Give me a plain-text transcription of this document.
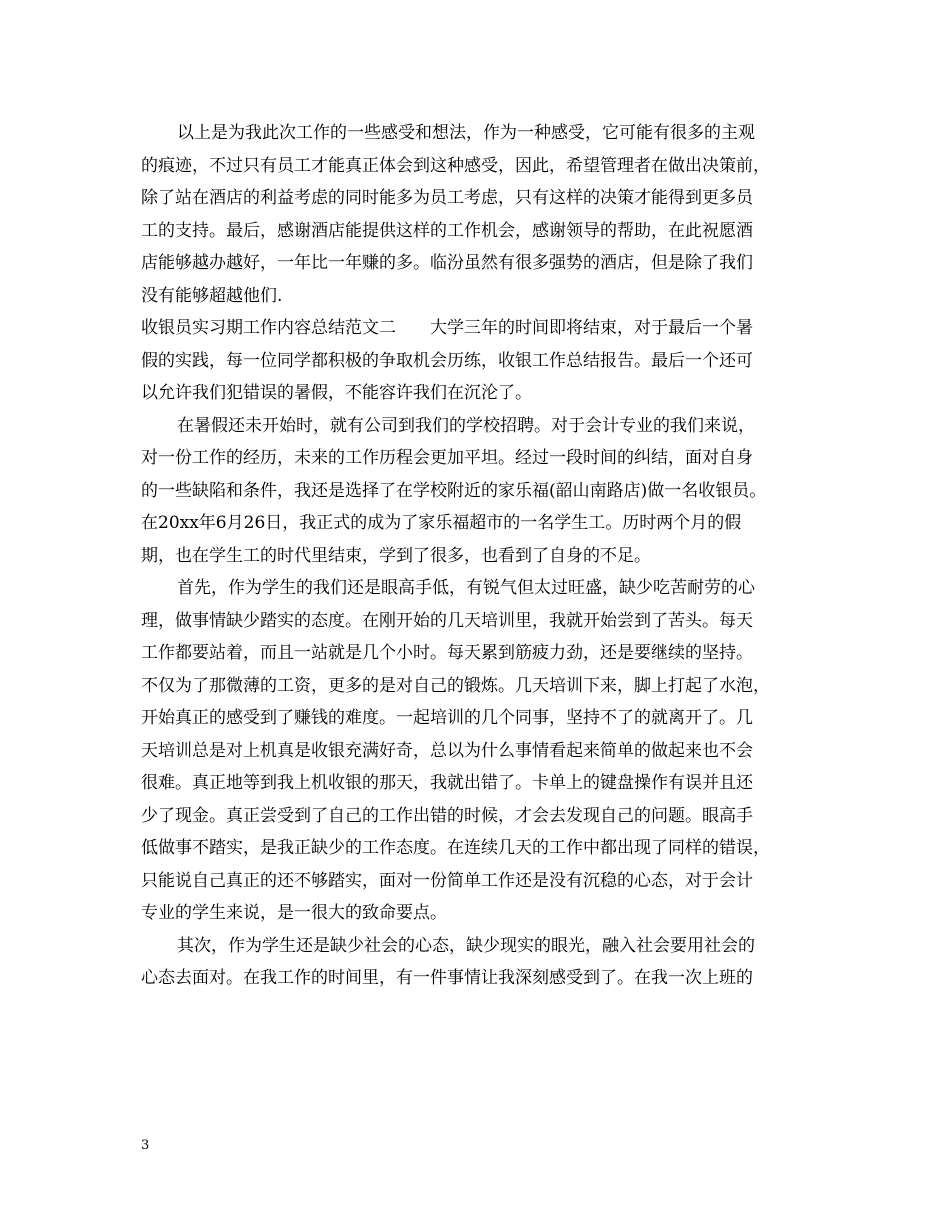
以上是为我此次工作的一些感受和想法，作为一种感受，它可能有很多的主观
的痕迹，不过只有员工才能真正体会到这种感受，因此，希望管理者在做出决策前，
除了站在酒店的利益考虑的同时能多为员工考虑，只有这样的决策才能得到更多员
工的支持。最后，感谢酒店能提供这样的工作机会，感谢领导的帮助，在此祝愿酒
店能够越办越好，一年比一年赚的多。临汾虽然有很多强势的酒店，但是除了我们
没有能够超越他们.
收银员实习期工作内容总结范文二　　大学三年的时间即将结束，对于最后一个暑
假的实践，每一位同学都积极的争取机会历练，收银工作总结报告。最后一个还可
以允许我们犯错误的暑假，不能容许我们在沉沦了。
在暑假还未开始时，就有公司到我们的学校招聘。对于会计专业的我们来说，
对一份工作的经历，未来的工作历程会更加平坦。经过一段时间的纠结，面对自身
的一些缺陷和条件，我还是选择了在学校附近的家乐福(韶山南路店)做一名收银员。
在20xx年6月26日，我正式的成为了家乐福超市的一名学生工。历时两个月的假
期，也在学生工的时代里结束，学到了很多，也看到了自身的不足。
首先，作为学生的我们还是眼高手低，有锐气但太过旺盛，缺少吃苦耐劳的心
理，做事情缺少踏实的态度。在刚开始的几天培训里，我就开始尝到了苦头。每天
工作都要站着，而且一站就是几个小时。每天累到筋疲力劲，还是要继续的坚持。
不仅为了那微薄的工资，更多的是对自己的锻炼。几天培训下来，脚上打起了水泡，
开始真正的感受到了赚钱的难度。一起培训的几个同事，坚持不了的就离开了。几
天培训总是对上机真是收银充满好奇，总以为什么事情看起来简单的做起来也不会
很难。真正地等到我上机收银的那天，我就出错了。卡单上的键盘操作有误并且还
少了现金。真正尝受到了自己的工作出错的时候，才会去发现自己的问题。眼高手
低做事不踏实，是我正缺少的工作态度。在连续几天的工作中都出现了同样的错误，
只能说自己真正的还不够踏实，面对一份简单工作还是没有沉稳的心态，对于会计
专业的学生来说，是一很大的致命要点。
其次，作为学生还是缺少社会的心态，缺少现实的眼光，融入社会要用社会的
心态去面对。在我工作的时间里，有一件事情让我深刻感受到了。在我一次上班的
3
